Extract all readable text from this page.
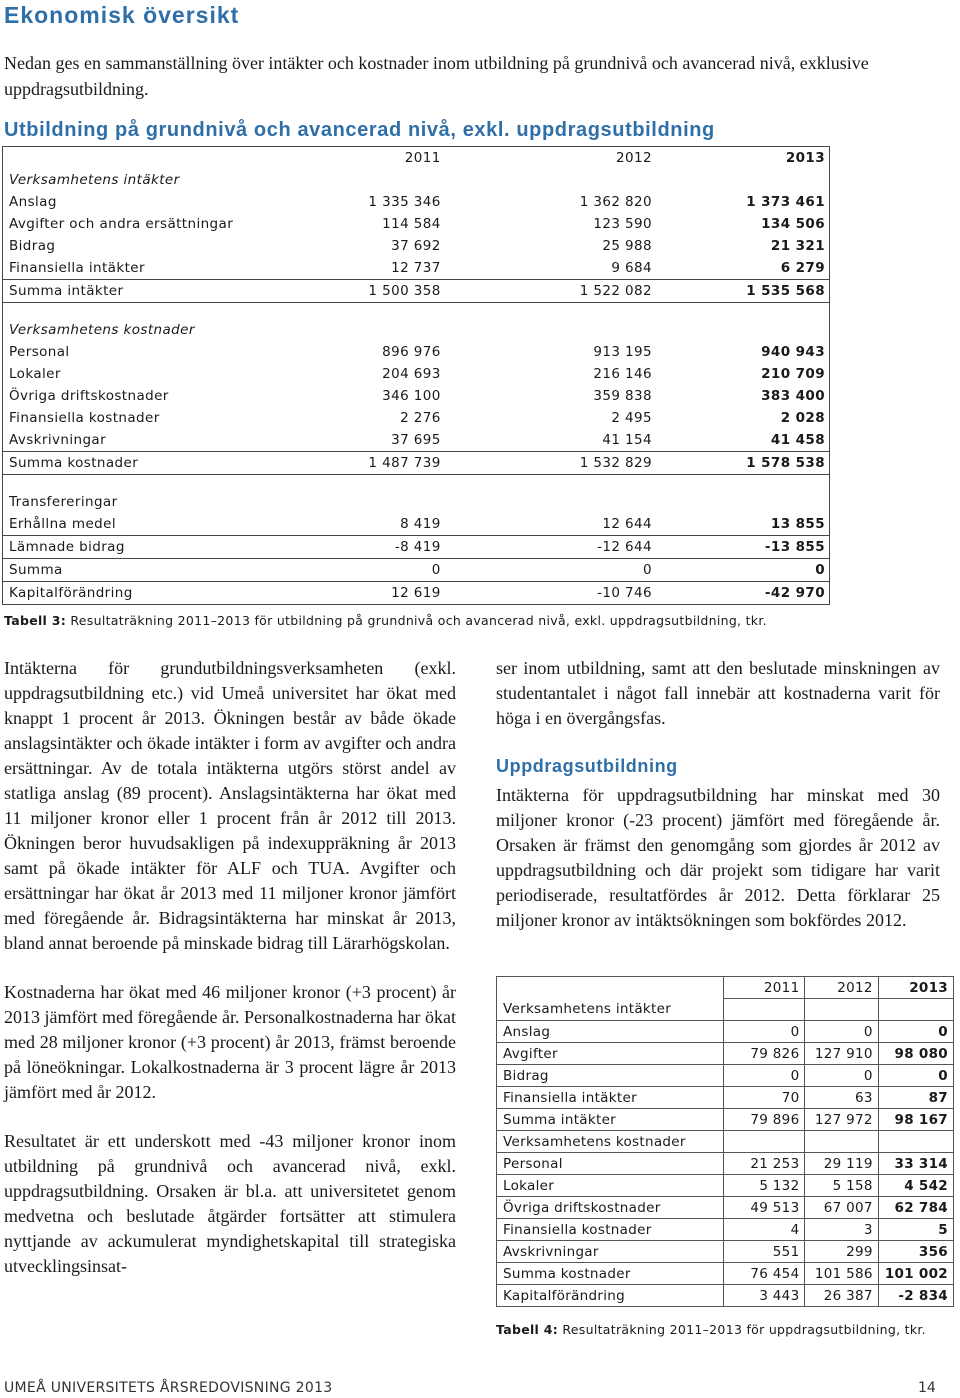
Ekonomisk översikt

Nedan ges en sammanställning över intäkter och kostnader inom utbildning på grundnivå och avancerad nivå, exklusive uppdragsutbildning.

Utbildning på grundnivå och avancerad nivå, exkl. uppdragsutbildning
	2011	2012	2013
Verksamhetens intäkter			
Anslag	1 335 346	1 362 820	1 373 461
Avgifter och andra ersättningar	114 584	123 590	134 506
Bidrag	37 692	25 988	21 321
Finansiella intäkter	12 737	9 684	6 279
Summa intäkter	1 500 358	1 522 082	1 535 568

Verksamhetens kostnader			
Personal	896 976	913 195	940 943
Lokaler	204 693	216 146	210 709
Övriga driftskostnader	346 100	359 838	383 400
Finansiella kostnader	2 276	2 495	2 028
Avskrivningar	37 695	41 154	41 458
Summa kostnader	1 487 739	1 532 829	1 578 538

Transfereringar			
Erhållna medel	8 419	12 644	13 855
Lämnade bidrag	-8 419	-12 644	-13 855
Summa	0	0	0
Kapitalförändring	12 619	-10 746	-42 970
Tabell 3: Resultaträkning 2011–2013 för utbildning på grundnivå och avancerad nivå, exkl. uppdragsutbildning, tkr.

Intäkterna för grundutbildningsverksamheten (exkl. uppdragsutbildning etc.) vid Umeå universitet har ökat med knappt 1 procent år 2013. Ökningen består av både ökade anslagsintäkter och ökade intäkter i form av avgifter och andra ersättningar. Av de totala intäkterna utgörs störst andel av statliga anslag (89 procent). Anslagsintäkterna har ökat med 11 miljoner kronor eller 1 procent från år 2012 till 2013. Ökningen beror huvudsakligen på indexuppräkning år 2013 samt på ökade intäkter för ALF och TUA. Avgifter och ersättningar har ökat år 2013 med 11 miljoner kronor jämfört med föregående år. Bidragsintäkterna har minskat år 2013, bland annat beroende på minskade bidrag till Lärarhögskolan.

Kostnaderna har ökat med 46 miljoner kronor (+3 procent) år 2013 jämfört med föregående år. Personalkostnaderna har ökat med 28 miljoner kronor (+3 procent) år 2013, främst beroende på löneökningar. Lokalkostnaderna är 3 procent lägre år 2013 jämfört med år 2012.

Resultatet är ett underskott med -43 miljoner kronor inom utbildning på grundnivå och avancerad nivå, exkl. uppdragsutbildning. Orsaken är bl.a. att universitetet genom medvetna och beslutade åtgärder fortsätter att stimulera nyttjande av ackumulerat myndighetskapital till strategiska utvecklingsinsat-

ser inom utbildning, samt att den beslutade minskningen av studentantalet i något fall innebär att kostnaderna varit för höga i en övergångsfas.

Uppdragsutbildning

Intäkterna för uppdragsutbildning har minskat med 30 miljoner kronor (-23 procent) jämfört med föregående år. Orsaken är främst den genomgång som gjordes år 2012 av uppdragsutbildning och där projekt som tidigare har varit periodiserade, resultatfördes år 2012. Detta förklarar 25 miljoner kronor av intäktsökningen som bokfördes 2012.

	2011	2012	2013
Verksamhetens intäkter			
Anslag	0	0	0
Avgifter	79 826	127 910	98 080
Bidrag	0	0	0
Finansiella intäkter	70	63	87
Summa intäkter	79 896	127 972	98 167
Verksamhetens kostnader			
Personal	21 253	29 119	33 314
Lokaler	5 132	5 158	4 542
Övriga driftskostnader	49 513	67 007	62 784
Finansiella kostnader	4	3	5
Avskrivningar	551	299	356
Summa kostnader	76 454	101 586	101 002
Kapitalförändring	3 443	26 387	-2 834
Tabell 4: Resultaträkning 2011–2013 för uppdragsutbildning, tkr.
UMEÅ UNIVERSITETS ÅRSREDOVISNING 2013	14
